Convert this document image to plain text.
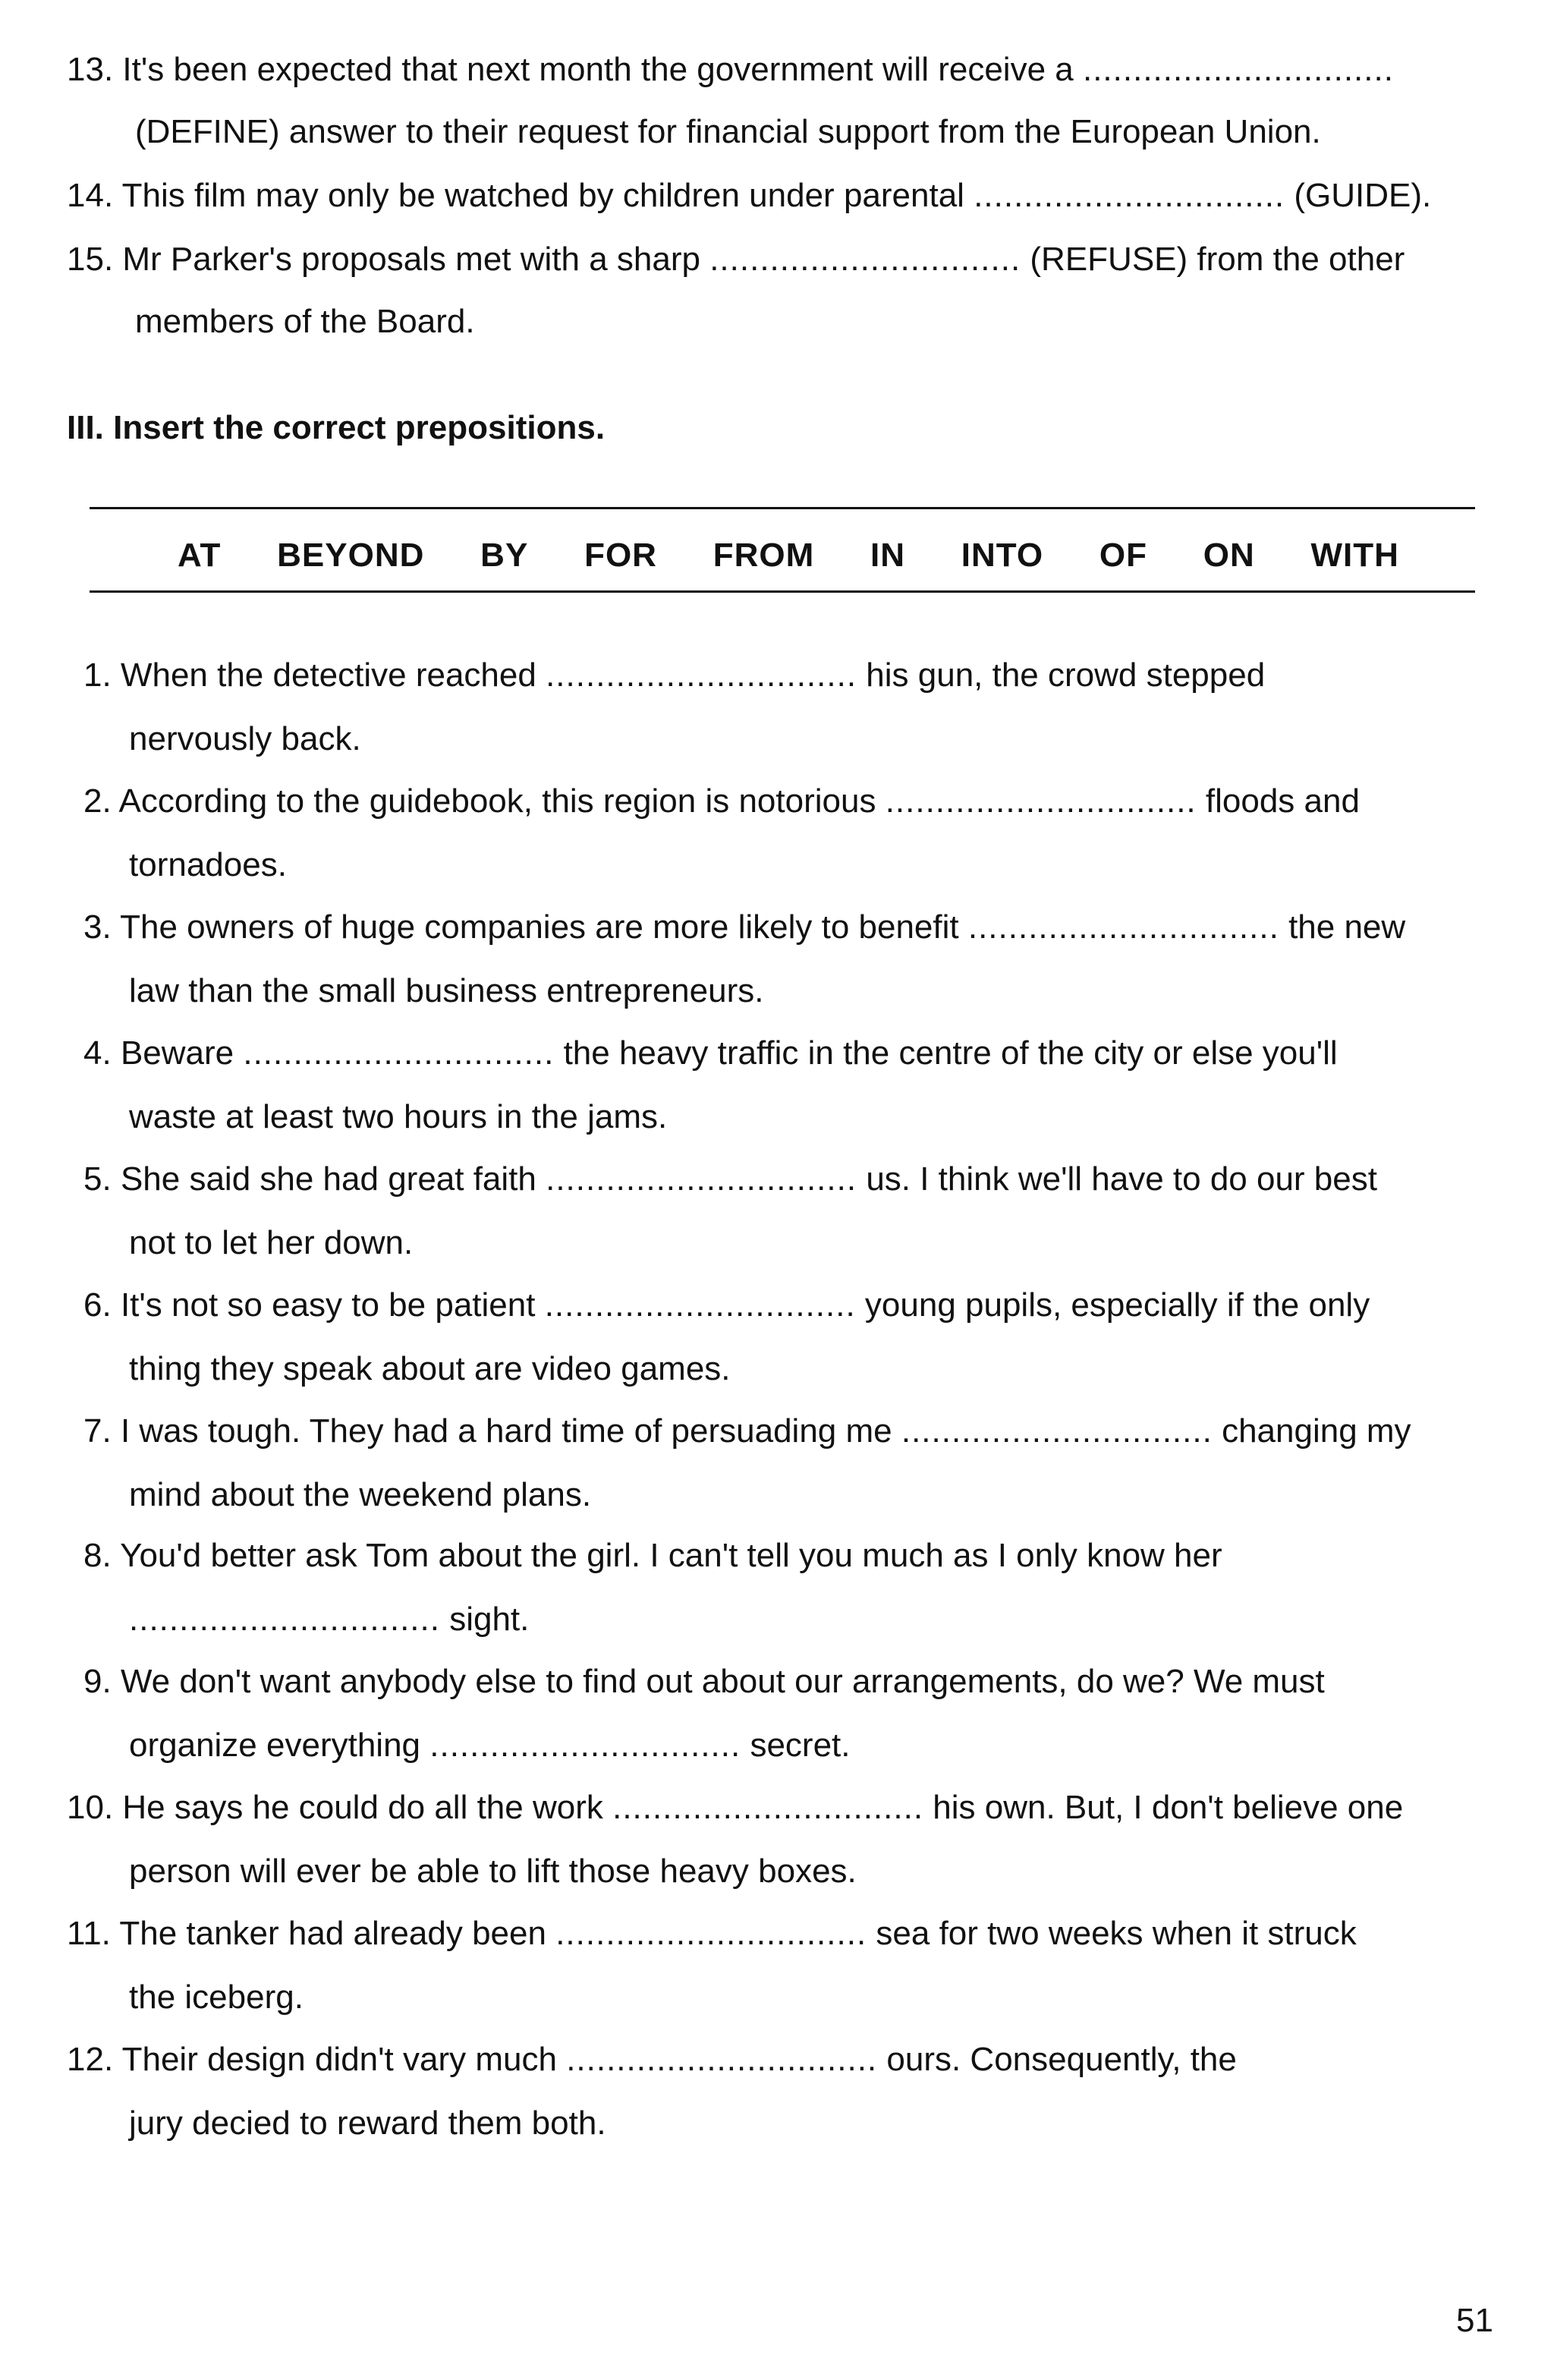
13. It's been expected that next month the government will receive a ...............................
(DEFINE) answer to their request for financial support from the European Union.
14. This film may only be watched by children under parental ............................... (GUIDE).
15. Mr Parker's proposals met with a sharp ............................... (REFUSE) from the other
members of the Board.
III. Insert the correct prepositions.
AT BEYOND BY FOR FROM IN INTO OF ON WITH
1. When the detective reached ............................... his gun, the crowd stepped
nervously back.
2. According to the guidebook, this region is notorious ............................... floods and
tornadoes.
3. The owners of huge companies are more likely to benefit ............................... the new
law than the small business entrepreneurs.
4. Beware ............................... the heavy traffic in the centre of the city or else you'll
waste at least two hours in the jams.
5. She said she had great faith ............................... us. I think we'll have to do our best
not to let her down.
6. It's not so easy to be patient ............................... young pupils, especially if the only
thing they speak about are video games.
7. I was tough. They had a hard time of persuading me ............................... changing my
mind about the weekend plans.
8. You'd better ask Tom about the girl. I can't tell you much as I only know her
............................... sight.
9. We don't want anybody else to find out about our arrangements, do we? We must
organize everything ............................... secret.
10. He says he could do all the work ............................... his own. But, I don't believe one
person will ever be able to lift those heavy boxes.
11. The tanker had already been ............................... sea for two weeks when it struck
the iceberg.
12. Their design didn't vary much ............................... ours. Consequently, the
jury decied to reward them both.
51
